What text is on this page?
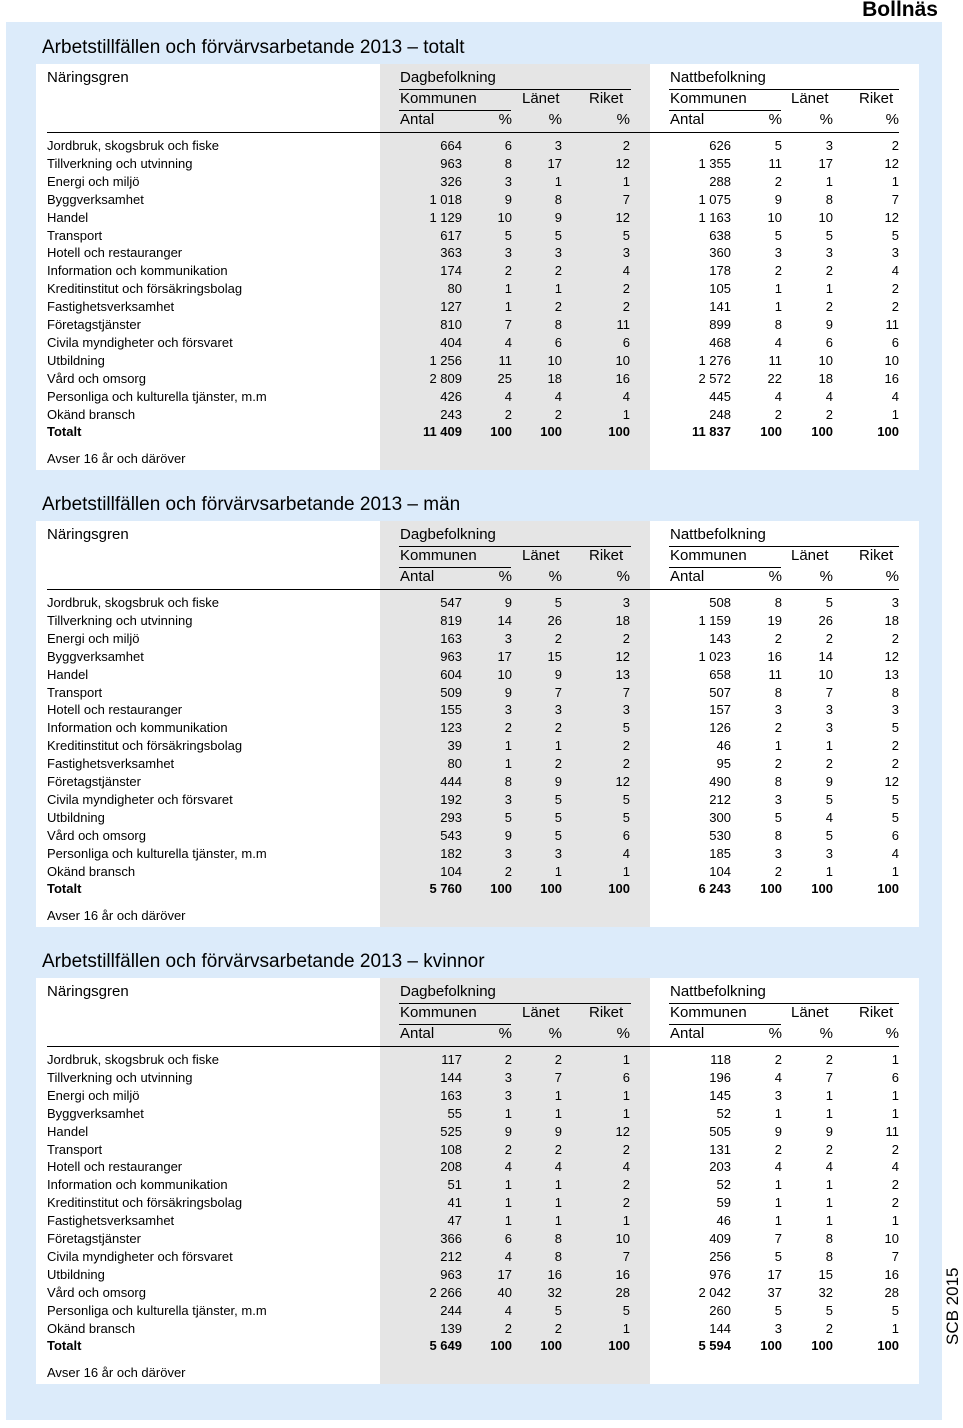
Bollnäs
SCB 2015
Arbetstillfällen och förvärvsarbetande 2013 – totalt
Näringsgren	Dagbefolkning	Nattbefolkning
Kommunen	Länet Riket	Kommunen	Länet Riket
Antal	%	%	%	Antal	%	%	%
Jordbruk, skogsbruk och fiske	664	6	3	2	626	5	3	2
Tillverkning och utvinning	963	8	17	12	1 355	11	17	12
Energi och miljö	326	3	1	1	288	2	1	1
Byggverksamhet	1 018	9	8	7	1 075	9	8	7
Handel	1 129	10	9	12	1 163	10	10	12
Transport	617	5	5	5	638	5	5	5
Hotell och restauranger	363	3	3	3	360	3	3	3
Information och kommunikation	174	2	2	4	178	2	2	4
Kreditinstitut och försäkringsbolag	80	1	1	2	105	1	1	2
Fastighetsverksamhet	127	1	2	2	141	1	2	2
Företagstjänster	810	7	8	11	899	8	9	11
Civila myndigheter och försvaret	404	4	6	6	468	4	6	6
Utbildning	1 256	11	10	10	1 276	11	10	10
Vård och omsorg	2 809	25	18	16	2 572	22	18	16
Personliga och kulturella tjänster, m.m	426	4	4	4	445	4	4	4
Okänd bransch	243	2	2	1	248	2	2	1
Totalt	11 409	100	100	100	11 837	100	100	100
Avser 16 år och däröver
Arbetstillfällen och förvärvsarbetande 2013 – män
Näringsgren	Dagbefolkning	Nattbefolkning
Kommunen	Länet Riket	Kommunen	Länet Riket
Antal	%	%	%	Antal	%	%	%
Jordbruk, skogsbruk och fiske	547	9	5	3	508	8	5	3
Tillverkning och utvinning	819	14	26	18	1 159	19	26	18
Energi och miljö	163	3	2	2	143	2	2	2
Byggverksamhet	963	17	15	12	1 023	16	14	12
Handel	604	10	9	13	658	11	10	13
Transport	509	9	7	7	507	8	7	8
Hotell och restauranger	155	3	3	3	157	3	3	3
Information och kommunikation	123	2	2	5	126	2	3	5
Kreditinstitut och försäkringsbolag	39	1	1	2	46	1	1	2
Fastighetsverksamhet	80	1	2	2	95	2	2	2
Företagstjänster	444	8	9	12	490	8	9	12
Civila myndigheter och försvaret	192	3	5	5	212	3	5	5
Utbildning	293	5	5	5	300	5	4	5
Vård och omsorg	543	9	5	6	530	8	5	6
Personliga och kulturella tjänster, m.m	182	3	3	4	185	3	3	4
Okänd bransch	104	2	1	1	104	2	1	1
Totalt	5 760	100	100	100	6 243	100	100	100
Avser 16 år och däröver
Arbetstillfällen och förvärvsarbetande 2013 – kvinnor
Näringsgren	Dagbefolkning	Nattbefolkning
Kommunen	Länet Riket	Kommunen	Länet Riket
Antal	%	%	%	Antal	%	%	%
Jordbruk, skogsbruk och fiske	117	2	2	1	118	2	2	1
Tillverkning och utvinning	144	3	7	6	196	4	7	6
Energi och miljö	163	3	1	1	145	3	1	1
Byggverksamhet	55	1	1	1	52	1	1	1
Handel	525	9	9	12	505	9	9	11
Transport	108	2	2	2	131	2	2	2
Hotell och restauranger	208	4	4	4	203	4	4	4
Information och kommunikation	51	1	1	2	52	1	1	2
Kreditinstitut och försäkringsbolag	41	1	1	2	59	1	1	2
Fastighetsverksamhet	47	1	1	1	46	1	1	1
Företagstjänster	366	6	8	10	409	7	8	10
Civila myndigheter och försvaret	212	4	8	7	256	5	8	7
Utbildning	963	17	16	16	976	17	15	16
Vård och omsorg	2 266	40	32	28	2 042	37	32	28
Personliga och kulturella tjänster, m.m	244	4	5	5	260	5	5	5
Okänd bransch	139	2	2	1	144	3	2	1
Totalt	5 649	100	100	100	5 594	100	100	100
Avser 16 år och däröver
